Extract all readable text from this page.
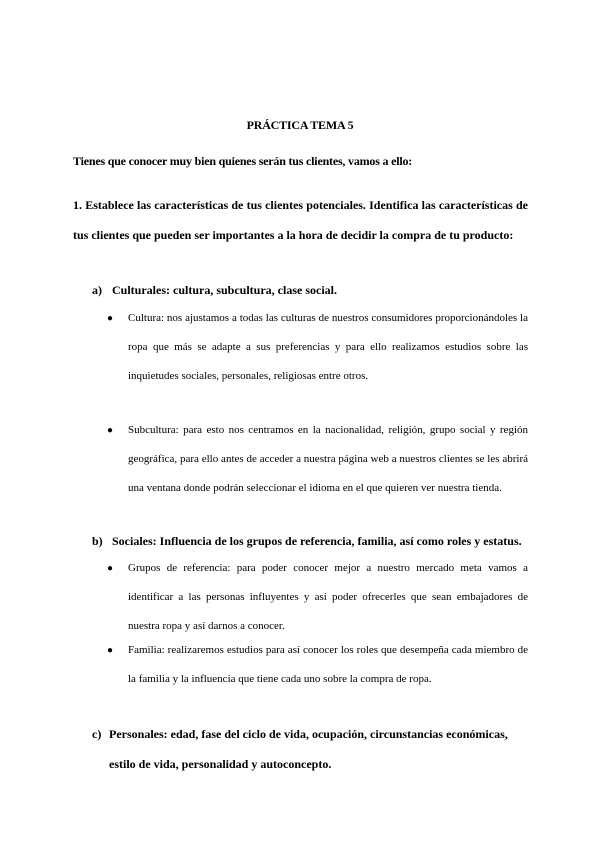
PRÁCTICA TEMA 5
Tienes que conocer muy bien quienes serán tus clientes, vamos a ello:
1. Establece las características de tus clientes potenciales. Identifica las características de tus clientes que pueden ser importantes a la hora de decidir la compra de tu producto:
a) Culturales: cultura, subcultura, clase social.
● Cultura: nos ajustamos a todas las culturas de nuestros consumidores proporcionándoles la ropa que más se adapte a sus preferencias y para ello realizamos estudios sobre las inquietudes sociales, personales, religiosas entre otros.
● Subcultura: para esto nos centramos en la nacionalidad, religión, grupo social y región geográfica, para ello antes de acceder a nuestra página web a nuestros clientes se les abrirá una ventana donde podrán seleccionar el idioma en el que quieren ver nuestra tienda.
b) Sociales: Influencia de los grupos de referencia, familia, así como roles y estatus.
● Grupos de referencia: para poder conocer mejor a nuestro mercado meta vamos a identificar a las personas influyentes y así poder ofrecerles que sean embajadores de nuestra ropa y así darnos a conocer.
● Familia: realizaremos estudios para así conocer los roles que desempeña cada miembro de la familia y la influencia que tiene cada uno sobre la compra de ropa.
c) Personales: edad, fase del ciclo de vida, ocupación, circunstancias económicas,
estilo de vida, personalidad y autoconcepto.
